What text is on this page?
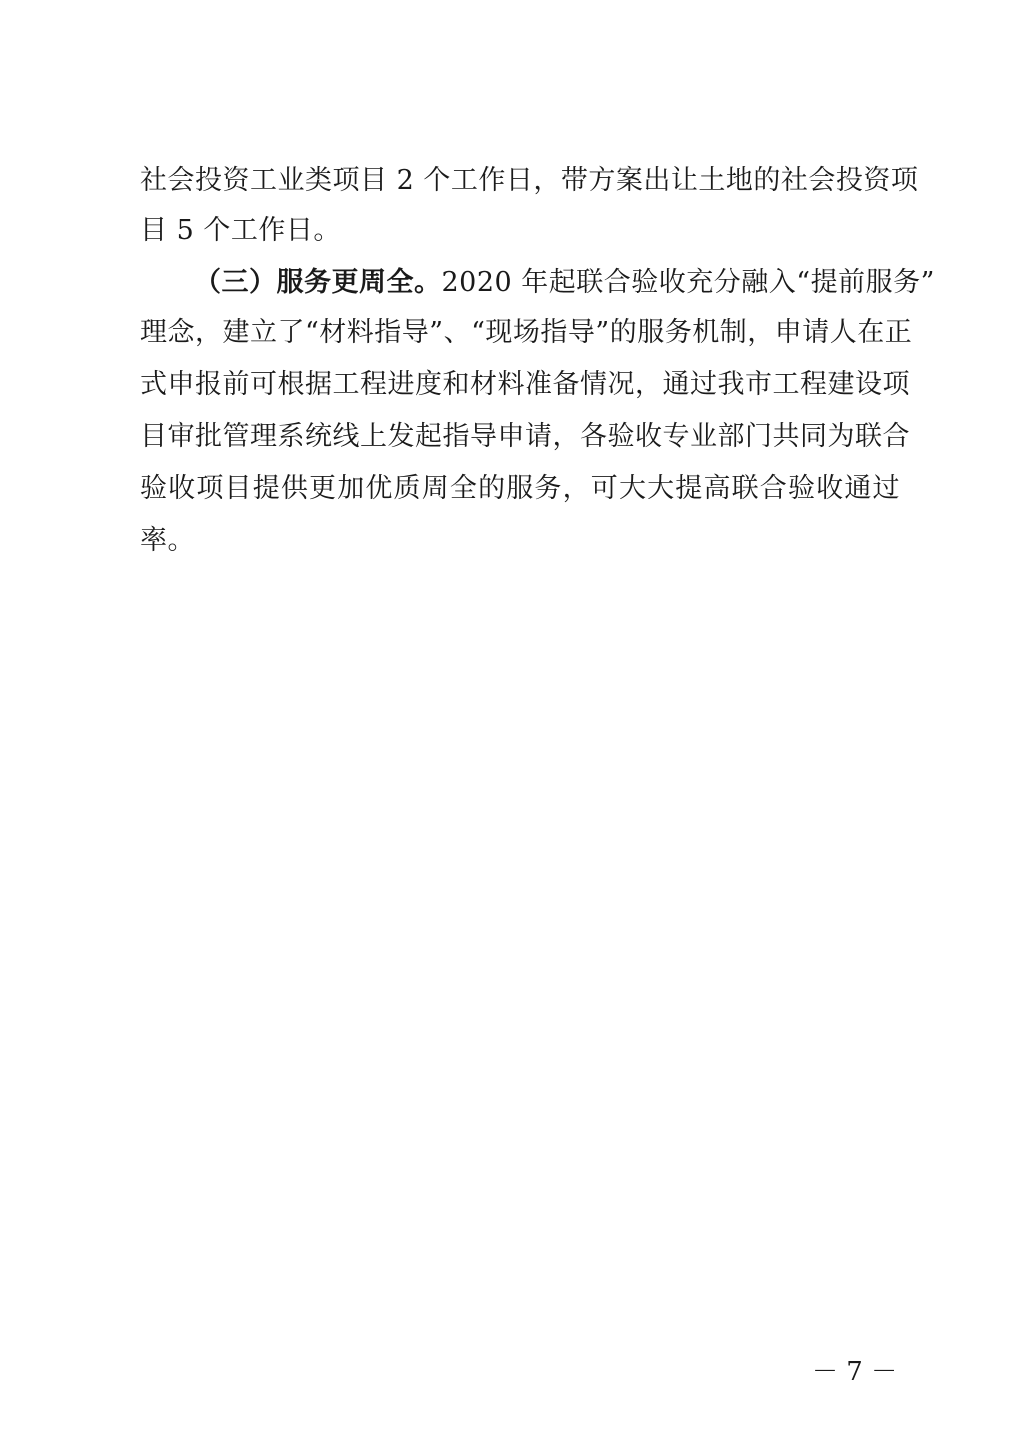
社会投资工业类项目 2 个工作日，带方案出让土地的社会投资项
目 5 个工作日。
（三）服务更周全。2020 年起联合验收充分融入“提前服务”
理念，建立了“材料指导”、“现场指导”的服务机制，申请人在正
式申报前可根据工程进度和材料准备情况，通过我市工程建设项
目审批管理系统线上发起指导申请，各验收专业部门共同为联合
验收项目提供更加优质周全的服务，可大大提高联合验收通过
率。
－ 7 －
